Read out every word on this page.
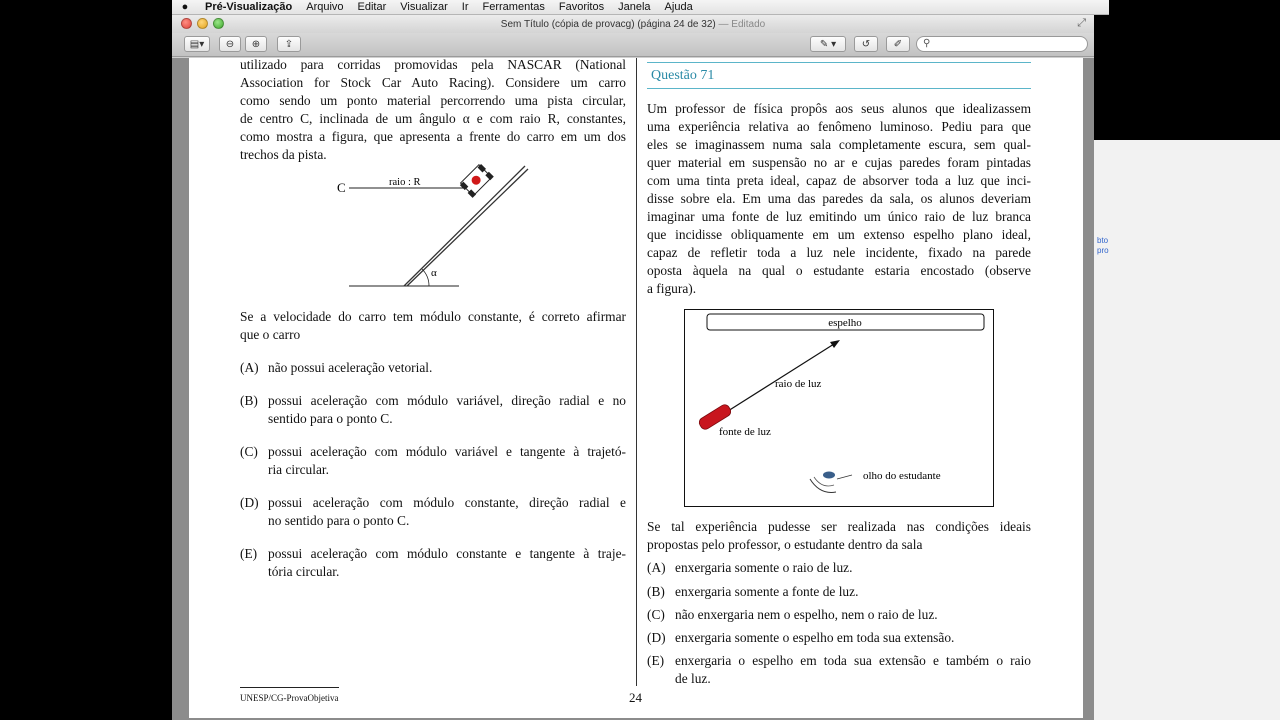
bto
pro
●	Pré-Visualização	Arquivo	Editar	Visualizar	Ir	Ferramentas	Favoritos	Janela	Ajuda
Sem Título (cópia de provacg) (página 24 de 32) — Editado	⤢
▤▾ ⊖ ⊕ ⇪	✎ ▾	↺ ✐	⚲
utilizado para corridas promovidas pela NASCAR (National
Association for Stock Car Auto Racing). Considere um carro
como sendo um ponto material percorrendo uma pista circular,
de centro C, inclinada de um ângulo α e com raio R, constantes,
como mostra a figura, que apresenta a frente do carro em um dos
trechos da pista.
C	raio : R
α
Se a velocidade do carro tem módulo constante, é correto afirmar
que o carro
(A) não possui aceleração vetorial.
(B) possui aceleração com módulo variável, direção radial e no
sentido para o ponto C.
(C) possui aceleração com módulo variável e tangente à trajetó-
ria circular.
(D) possui aceleração com módulo constante, direção radial e
no sentido para o ponto C.
(E) possui aceleração com módulo constante e tangente à traje-
tória circular.
Questão 71
Um professor de física propôs aos seus alunos que idealizassem
uma experiência relativa ao fenômeno luminoso. Pediu para que
eles se imaginassem numa sala completamente escura, sem qual-
quer material em suspensão no ar e cujas paredes foram pintadas
com uma tinta preta ideal, capaz de absorver toda a luz que inci-
disse sobre ela. Em uma das paredes da sala, os alunos deveriam
imaginar uma fonte de luz emitindo um único raio de luz branca
que incidisse obliquamente em um extenso espelho plano ideal,
capaz de refletir toda a luz nele incidente, fixado na parede
oposta àquela na qual o estudante estaria encostado (observe
a figura).
espelho
raio de luz
fonte de luz
olho do estudante
Se tal experiência pudesse ser realizada nas condições ideais
propostas pelo professor, o estudante dentro da sala
(A) enxergaria somente o raio de luz.
(B) enxergaria somente a fonte de luz.
(C) não enxergaria nem o espelho, nem o raio de luz.
(D) enxergaria somente o espelho em toda sua extensão.
(E) enxergaria o espelho em toda sua extensão e também o raio
de luz.
UNESP/CG-ProvaObjetiva	24
